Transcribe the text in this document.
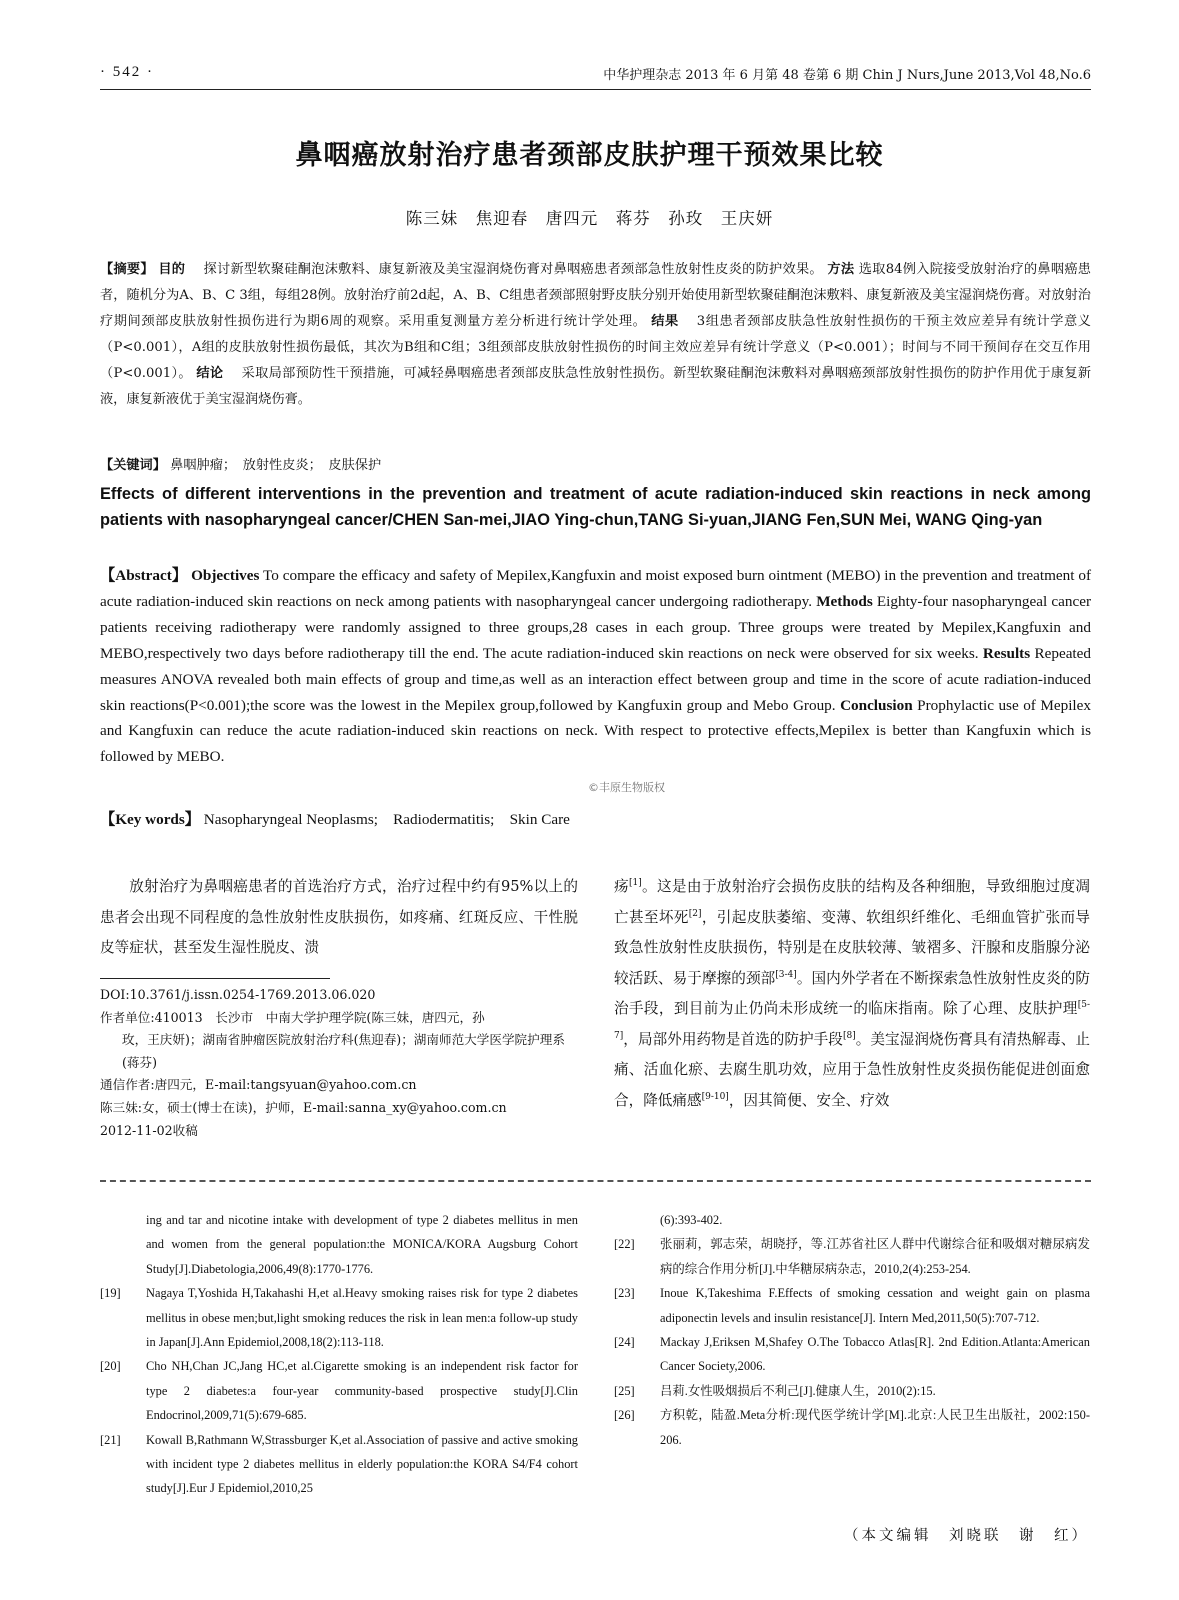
· 542 ·	中华护理杂志 2013 年 6 月第 48 卷第 6 期 Chin J Nurs,June 2013,Vol 48,No.6
鼻咽癌放射治疗患者颈部皮肤护理干预效果比较
陈三妹　焦迎春　唐四元　蒋芬　孙玫　王庆妍
【摘要】 目的 探讨新型软聚硅酮泡沫敷料、康复新液及美宝湿润烧伤膏对鼻咽癌患者颈部急性放射性皮炎的防护效果。 方法 选取84例入院接受放射治疗的鼻咽癌患者，随机分为A、B、C 3组，每组28例。放射治疗前2d起，A、B、C组患者颈部照射野皮肤分别开始使用新型软聚硅酮泡沫敷料、康复新液及美宝湿润烧伤膏。对放射治疗期间颈部皮肤放射性损伤进行为期6周的观察。采用重复测量方差分析进行统计学处理。 结果 3组患者颈部皮肤急性放射性损伤的干预主效应差异有统计学意义（P<0.001），A组的皮肤放射性损伤最低，其次为B组和C组；3组颈部皮肤放射性损伤的时间主效应差异有统计学意义（P<0.001）；时间与不同干预间存在交互作用（P<0.001）。 结论 采取局部预防性干预措施，可减轻鼻咽癌患者颈部皮肤急性放射性损伤。新型软聚硅酮泡沫敷料对鼻咽癌颈部放射性损伤的防护作用优于康复新液，康复新液优于美宝湿润烧伤膏。
【关键词】 鼻咽肿瘤；　放射性皮炎；　皮肤保护
Effects of different interventions in the prevention and treatment of acute radiation-induced skin reactions in neck among patients with nasopharyngeal cancer/CHEN San-mei,JIAO Ying-chun,TANG Si-yuan,JIANG Fen,SUN Mei, WANG Qing-yan
【Abstract】 Objectives To compare the efficacy and safety of Mepilex,Kangfuxin and moist exposed burn ointment (MEBO) in the prevention and treatment of acute radiation-induced skin reactions on neck among patients with nasopharyngeal cancer undergoing radiotherapy. Methods Eighty-four nasopharyngeal cancer patients receiving radiotherapy were randomly assigned to three groups,28 cases in each group. Three groups were treated by Mepilex,Kangfuxin and MEBO,respectively two days before radiotherapy till the end. The acute radiation-induced skin reactions on neck were observed for six weeks. Results Repeated measures ANOVA revealed both main effects of group and time,as well as an interaction effect between group and time in the score of acute radiation-induced skin reactions(P<0.001);the score was the lowest in the Mepilex group,followed by Kangfuxin group and Mebo Group. Conclusion Prophylactic use of Mepilex and Kangfuxin can reduce the acute radiation-induced skin reactions on neck. With respect to protective effects,Mepilex is better than Kangfuxin which is followed by MEBO.
【Key words】 Nasopharyngeal Neoplasms;　Radiodermatitis;　Skin Care
©丰原生物版权
放射治疗为鼻咽癌患者的首选治疗方式，治疗过程中约有95%以上的患者会出现不同程度的急性放射性皮肤损伤，如疼痛、红斑反应、干性脱皮等症状，甚至发生湿性脱皮、溃
疡[1]。这是由于放射治疗会损伤皮肤的结构及各种细胞，导致细胞过度凋亡甚至坏死[2]，引起皮肤萎缩、变薄、软组织纤维化、毛细血管扩张而导致急性放射性皮肤损伤，特别是在皮肤较薄、皱褶多、汗腺和皮脂腺分泌较活跃、易于摩擦的颈部[3-4]。国内外学者在不断探索急性放射性皮炎的防治手段，到目前为止仍尚未形成统一的临床指南。除了心理、皮肤护理[5-7]，局部外用药物是首选的防护手段[8]。美宝湿润烧伤膏具有清热解毒、止痛、活血化瘀、去腐生肌功效，应用于急性放射性皮炎损伤能促进创面愈合，降低痛感[9-10]，因其简便、安全、疗效
DOI:10.3761/j.issn.0254-1769.2013.06.020
作者单位:410013　长沙市　中南大学护理学院(陈三妹，唐四元，孙
玫，王庆妍)；湖南省肿瘤医院放射治疗科(焦迎春)；湖南师范大学医学院护理系(蒋芬)
通信作者:唐四元，E-mail:tangsyuan@yahoo.com.cn
陈三妹:女，硕士(博士在读)，护师，E-mail:sanna_xy@yahoo.com.cn
2012-11-02收稿
ing and tar and nicotine intake with development of type 2 diabetes mellitus in men and women from the general population:the MONICA/KORA Augsburg Cohort Study[J].Diabetologia,2006,49(8):1770-1776.
[19] Nagaya T,Yoshida H,Takahashi H,et al.Heavy smoking raises risk for type 2 diabetes mellitus in obese men;but,light smoking reduces the risk in lean men:a follow-up study in Japan[J].Ann Epidemiol,2008,18(2):113-118.
[20] Cho NH,Chan JC,Jang HC,et al.Cigarette smoking is an independent risk factor for type 2 diabetes:a four-year community-based prospective study[J].Clin Endocrinol,2009,71(5):679-685.
[21] Kowall B,Rathmann W,Strassburger K,et al.Association of passive and active smoking with incident type 2 diabetes mellitus in elderly population:the KORA S4/F4 cohort study[J].Eur J Epidemiol,2010,25
(6):393-402.
[22] 张丽莉，郭志荣，胡晓抒，等.江苏省社区人群中代谢综合征和吸烟对糖尿病发病的综合作用分析[J].中华糖尿病杂志，2010,2(4):253-254.
[23] Inoue K,Takeshima F.Effects of smoking cessation and weight gain on plasma adiponectin levels and insulin resistance[J]. Intern Med,2011,50(5):707-712.
[24] Mackay J,Eriksen M,Shafey O.The Tobacco Atlas[R]. 2nd Edition.Atlanta:American Cancer Society,2006.
[25] 吕莉.女性吸烟损后不利己[J].健康人生，2010(2):15.
[26] 方积乾，陆盈.Meta分析:现代医学统计学[M].北京:人民卫生出版社，2002:150-206.
（本文编辑　刘晓联　谢　红）
